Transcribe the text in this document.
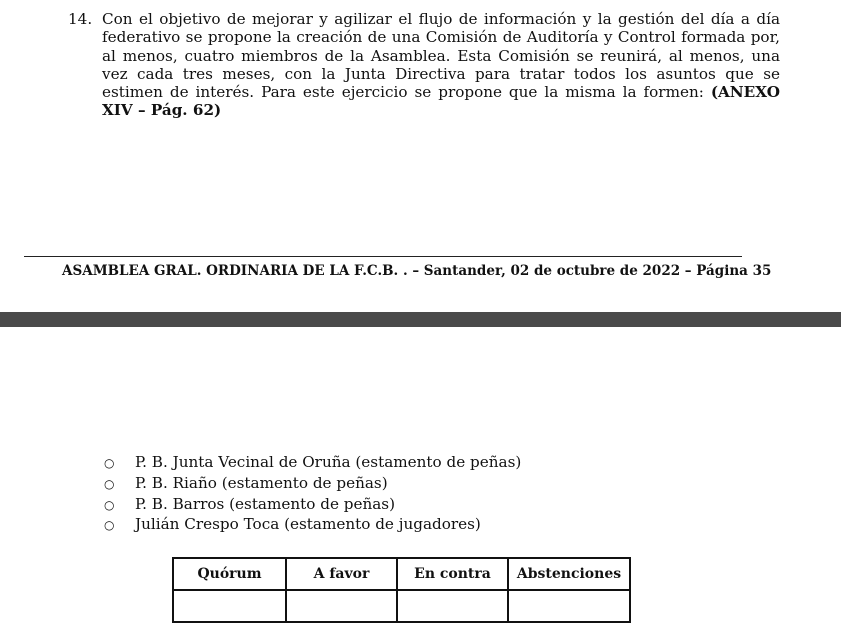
14. Con el objetivo de mejorar y agilizar el flujo de información y la gestión del día a día federativo se propone la creación de una Comisión de Auditoría y Control formada por, al menos, cuatro miembros de la Asamblea. Esta Comisión se reunirá, al menos, una vez cada tres meses, con la Junta Directiva para tratar todos los asuntos que se estimen de interés. Para este ejercicio se propone que la misma la formen: (ANEXO XIV – Pág. 62)
ASAMBLEA GRAL. ORDINARIA DE LA F.C.B. . – Santander, 02 de octubre de 2022 – Página 35
○ P. B. Junta Vecinal de Oruña (estamento de peñas)
○ P. B. Riaño (estamento de peñas)
○ P. B. Barros (estamento de peñas)
○ Julián Crespo Toca (estamento de jugadores)
Quórum	A favor	En contra	Abstenciones
